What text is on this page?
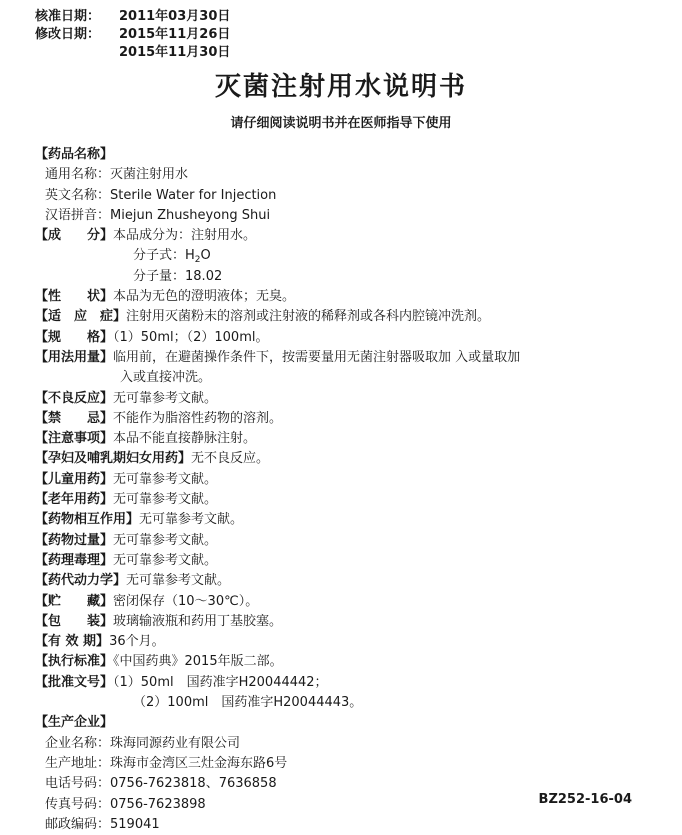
核准日期： 2011年03月30日
修改日期： 2015年11月26日
2015年11月30日
灭菌注射用水说明书
请仔细阅读说明书并在医师指导下使用
【药品名称】
通用名称：灭菌注射用水
英文名称：Sterile Water for Injection
汉语拼音：Miejun Zhusheyong Shui
【成　　分】本品成分为：注射用水。
分子式：$H_2O$
分子量：18.02
【性　　状】本品为无色的澄明液体；无臭。
【适　应　症】注射用灭菌粉末的溶剂或注射液的稀释剂或各科内腔镜冲洗剂。
【规　　格】（1）50ml；（2）100ml。
【用法用量】临用前，在避菌操作条件下，按需要量用无菌注射器吸取加 入或量取加
入或直接冲洗。
【不良反应】无可靠参考文献。
【禁　　忌】不能作为脂溶性药物的溶剂。
【注意事项】本品不能直接静脉注射。
【孕妇及哺乳期妇女用药】无不良反应。
【儿童用药】无可靠参考文献。
【老年用药】无可靠参考文献。
【药物相互作用】无可靠参考文献。
【药物过量】无可靠参考文献。
【药理毒理】无可靠参考文献。
【药代动力学】无可靠参考文献。
【贮　　藏】密闭保存（10～30℃）。
【包　　装】玻璃输液瓶和药用丁基胶塞。
【有 效 期】36个月。
【执行标准】《中国药典》2015年版二部。
【批准文号】（1）50ml　国药准字H20044442；
（2）100ml　国药准字H20044443。
【生产企业】
企业名称：珠海同源药业有限公司
生产地址：珠海市金湾区三灶金海东路6号
电话号码：0756-7623818、7636858
传真号码：0756-7623898
邮政编码：519041
BZ252-16-04
